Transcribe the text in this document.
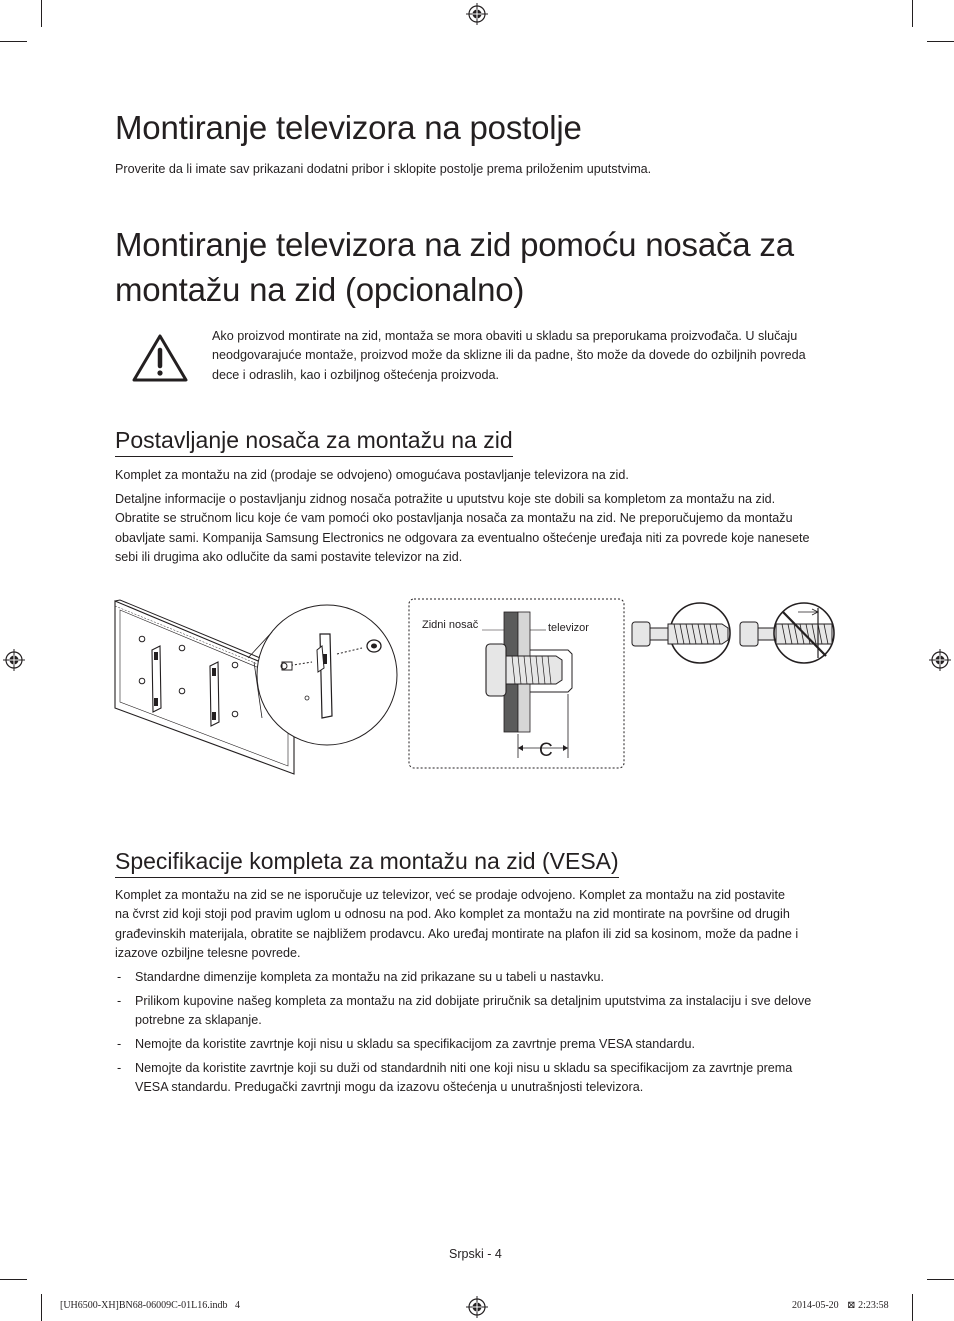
Montiranje televizora na postolje

Proverite da li imate sav prikazani dodatni pribor i sklopite postolje prema priloženim uputstvima.

Montiranje televizora na zid pomoću nosača za
montažu na zid (opcionalno)
Ako proizvod montirate na zid, montaža se mora obaviti u skladu sa preporukama proizvođača. U slučaju
neodgovarajuće montaže, proizvod može da sklizne ili da padne, što može da dovede do ozbiljnih povreda
dece i odraslih, kao i ozbiljnog oštećenja proizvoda.
Postavljanje nosača za montažu na zid

Komplet za montažu na zid (prodaje se odvojeno) omogućava postavljanje televizora na zid.

Detaljne informacije o postavljanju zidnog nosača potražite u uputstvu koje ste dobili sa kompletom za montažu na zid.
Obratite se stručnom licu koje će vam pomoći oko postavljanja nosača za montažu na zid. Ne preporučujemo da montažu
obavljate sami. Kompanija Samsung Electronics ne odgovara za eventualno oštećenje uređaja niti za povrede koje nanesete
sebi ili drugima ako odlučite da sami postavite televizor na zid.
Zidni nosač	televizor
C
Specifikacije kompleta za montažu na zid (VESA)
Komplet za montažu na zid se ne isporučuje uz televizor, već se prodaje odvojeno. Komplet za montažu na zid postavite
na čvrst zid koji stoji pod pravim uglom u odnosu na pod. Ako komplet za montažu na zid montirate na površine od drugih
građevinskih materijala, obratite se najbližem prodavcu. Ako uređaj montirate na plafon ili zid sa kosinom, može da padne i
izazove ozbiljne telesne povrede.
- Standardne dimenzije kompleta za montažu na zid prikazane su u tabeli u nastavku.
- Prilikom kupovine našeg kompleta za montažu na zid dobijate priručnik sa detaljnim uputstvima za instalaciju i sve delove
potrebne za sklapanje.
- Nemojte da koristite zavrtnje koji nisu u skladu sa specifikacijom za zavrtnje prema VESA standardu.
- Nemojte da koristite zavrtnje koji su duži od standardnih niti one koji nisu u skladu sa specifikacijom za zavrtnje prema
VESA standardu. Predugački zavrtnji mogu da izazovu oštećenja u unutrašnjosti televizora.
Srpski - 4
[UH6500-XH]BN68-06009C-01L16.indb   4	2014-05-20 ⊠ 2:23:58
